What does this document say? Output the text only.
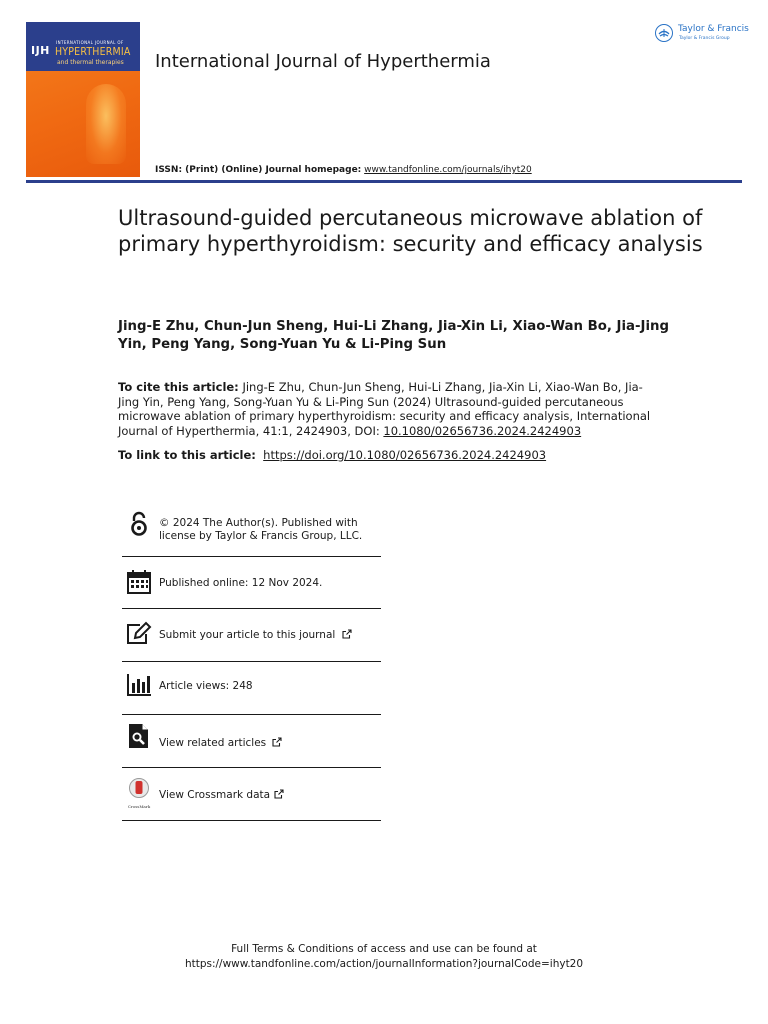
IJH
INTERNATIONAL JOURNAL OF
HYPERTHERMIA
and thermal therapies International Journal of Hyperthermia
Taylor & Francis
Taylor & Francis Group
ISSN: (Print) (Online) Journal homepage: www.tandfonline.com/journals/ihyt20
Ultrasound-guided percutaneous microwave ablation of primary hyperthyroidism: security and efficacy analysis
Jing-E Zhu, Chun-Jun Sheng, Hui-Li Zhang, Jia-Xin Li, Xiao-Wan Bo, Jia-Jing Yin, Peng Yang, Song-Yuan Yu & Li-Ping Sun
To cite this article: Jing-E Zhu, Chun-Jun Sheng, Hui-Li Zhang, Jia-Xin Li, Xiao-Wan Bo, Jia-Jing Yin, Peng Yang, Song-Yuan Yu & Li-Ping Sun (2024) Ultrasound-guided percutaneous microwave ablation of primary hyperthyroidism: security and efficacy analysis, International Journal of Hyperthermia, 41:1, 2424903, DOI: 10.1080/02656736.2024.2424903
To link to this article: https://doi.org/10.1080/02656736.2024.2424903
© 2024 The Author(s). Published with license by Taylor & Francis Group, LLC.
Published online: 12 Nov 2024.
Submit your article to this journal
Article views: 248
View related articles
CrossMark
View Crossmark data
Full Terms & Conditions of access and use can be found at
https://www.tandfonline.com/action/journalInformation?journalCode=ihyt20
